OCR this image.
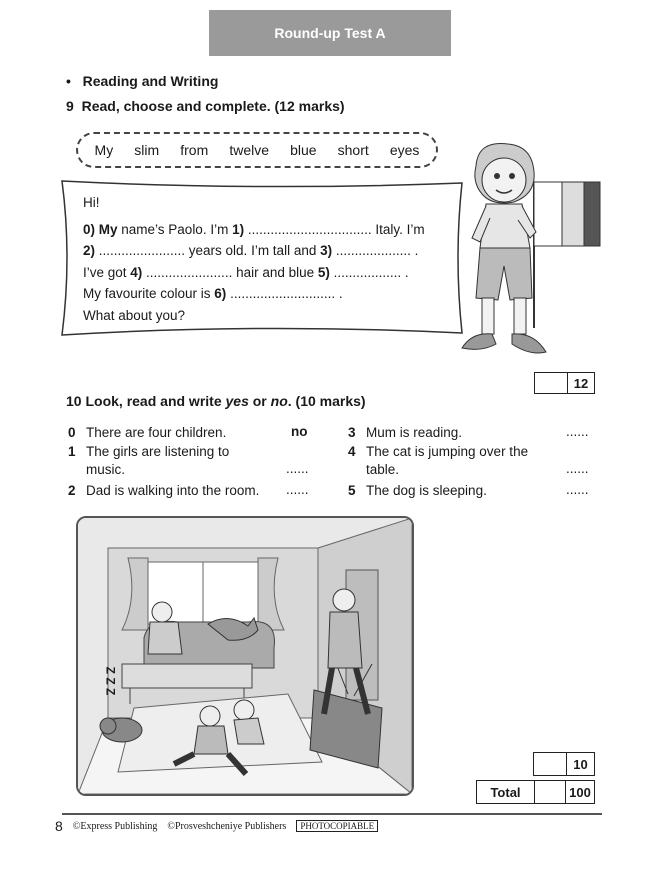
Round-up Test A
• Reading and Writing
9 Read, choose and complete. (12 marks)
My slim from twelve blue short eyes

Hi!

0) My name’s Paolo. I’m 1) ................................. Italy. I’m

2) ....................... years old. I’m tall and 3) .................... .

I’ve got 4) ....................... hair and blue 5) .................. .

My favourite colour is 6) ............................ .

What about you?

12
10 Look, read and write yes or no. (10 marks)
0 There are four children.	no
1 The girls are listening to
music.	......
2 Dad is walking into the room. ......
3 Mum is reading.	......
4 The cat is jumping over the
table.	......
5 The dog is sleeping.	......
Z Z Z
10
Total	100
8 ©Express Publishing ©Prosveshcheniye Publishers	PHOTOCOPIABLE
